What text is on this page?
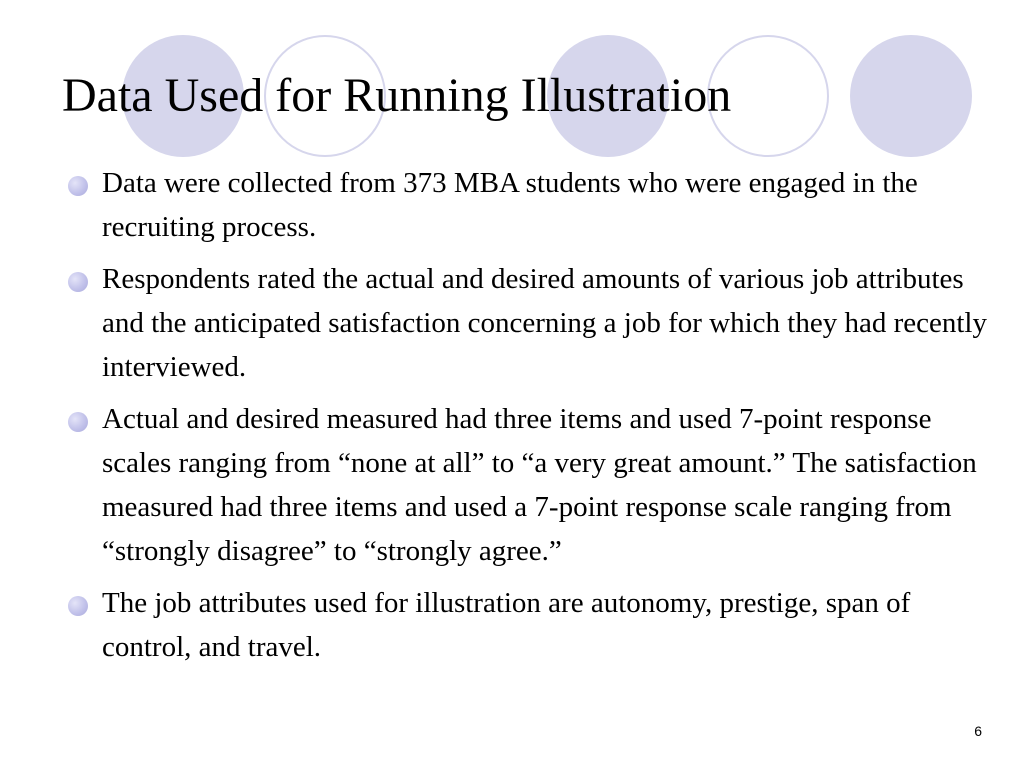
Data Used for Running Illustration
Data were collected from 373 MBA students who were engaged in the recruiting process.
Respondents rated the actual and desired amounts of various job attributes and the anticipated satisfaction concerning a job for which they had recently interviewed.
Actual and desired measured had three items and used 7-point response scales ranging from “none at all” to “a very great amount.” The satisfaction measured had three items and used a 7-point response scale ranging from “strongly disagree” to “strongly agree.”
The job attributes used for illustration are autonomy, prestige, span of control, and travel.
6
